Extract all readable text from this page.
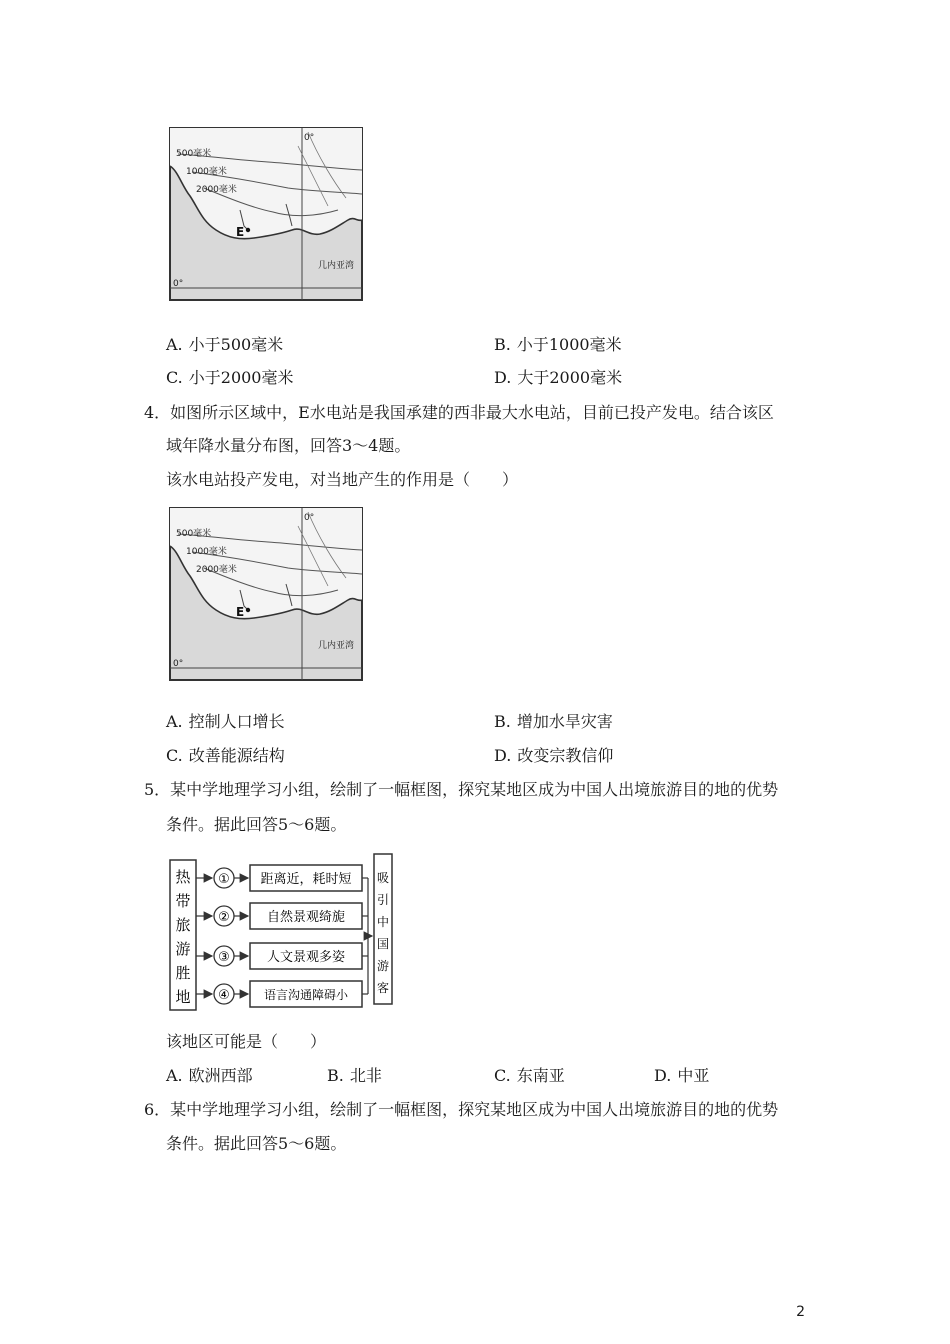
500毫米
1000毫米
2000毫米
E
几内亚湾
0°
0°
A. 小于500毫米	B. 小于1000毫米
C. 小于2000毫米	D. 大于2000毫米
4．如图所示区域中，E水电站是我国承建的西非最大水电站，目前已投产发电。结合该区
域年降水量分布图，回答3～4题。
该水电站投产发电，对当地产生的作用是（　　）
500毫米
1000毫米
2000毫米
E
几内亚湾
0°
0°
A. 控制人口增长	B. 增加水旱灾害
C. 改善能源结构	D. 改变宗教信仰
5．某中学地理学习小组，绘制了一幅框图，探究某地区成为中国人出境旅游目的地的优势
条件。据此回答5～6题。
热
带
旅
游
胜
地
① 距离近，耗时短
②	自然景观绮旎
③	人文景观多姿
④	语言沟通障碍小
吸
引
中
国
游
客
该地区可能是（　　）
A. 欧洲西部	B. 北非	C. 东南亚	D. 中亚
6．某中学地理学习小组，绘制了一幅框图，探究某地区成为中国人出境旅游目的地的优势
条件。据此回答5～6题。
2
